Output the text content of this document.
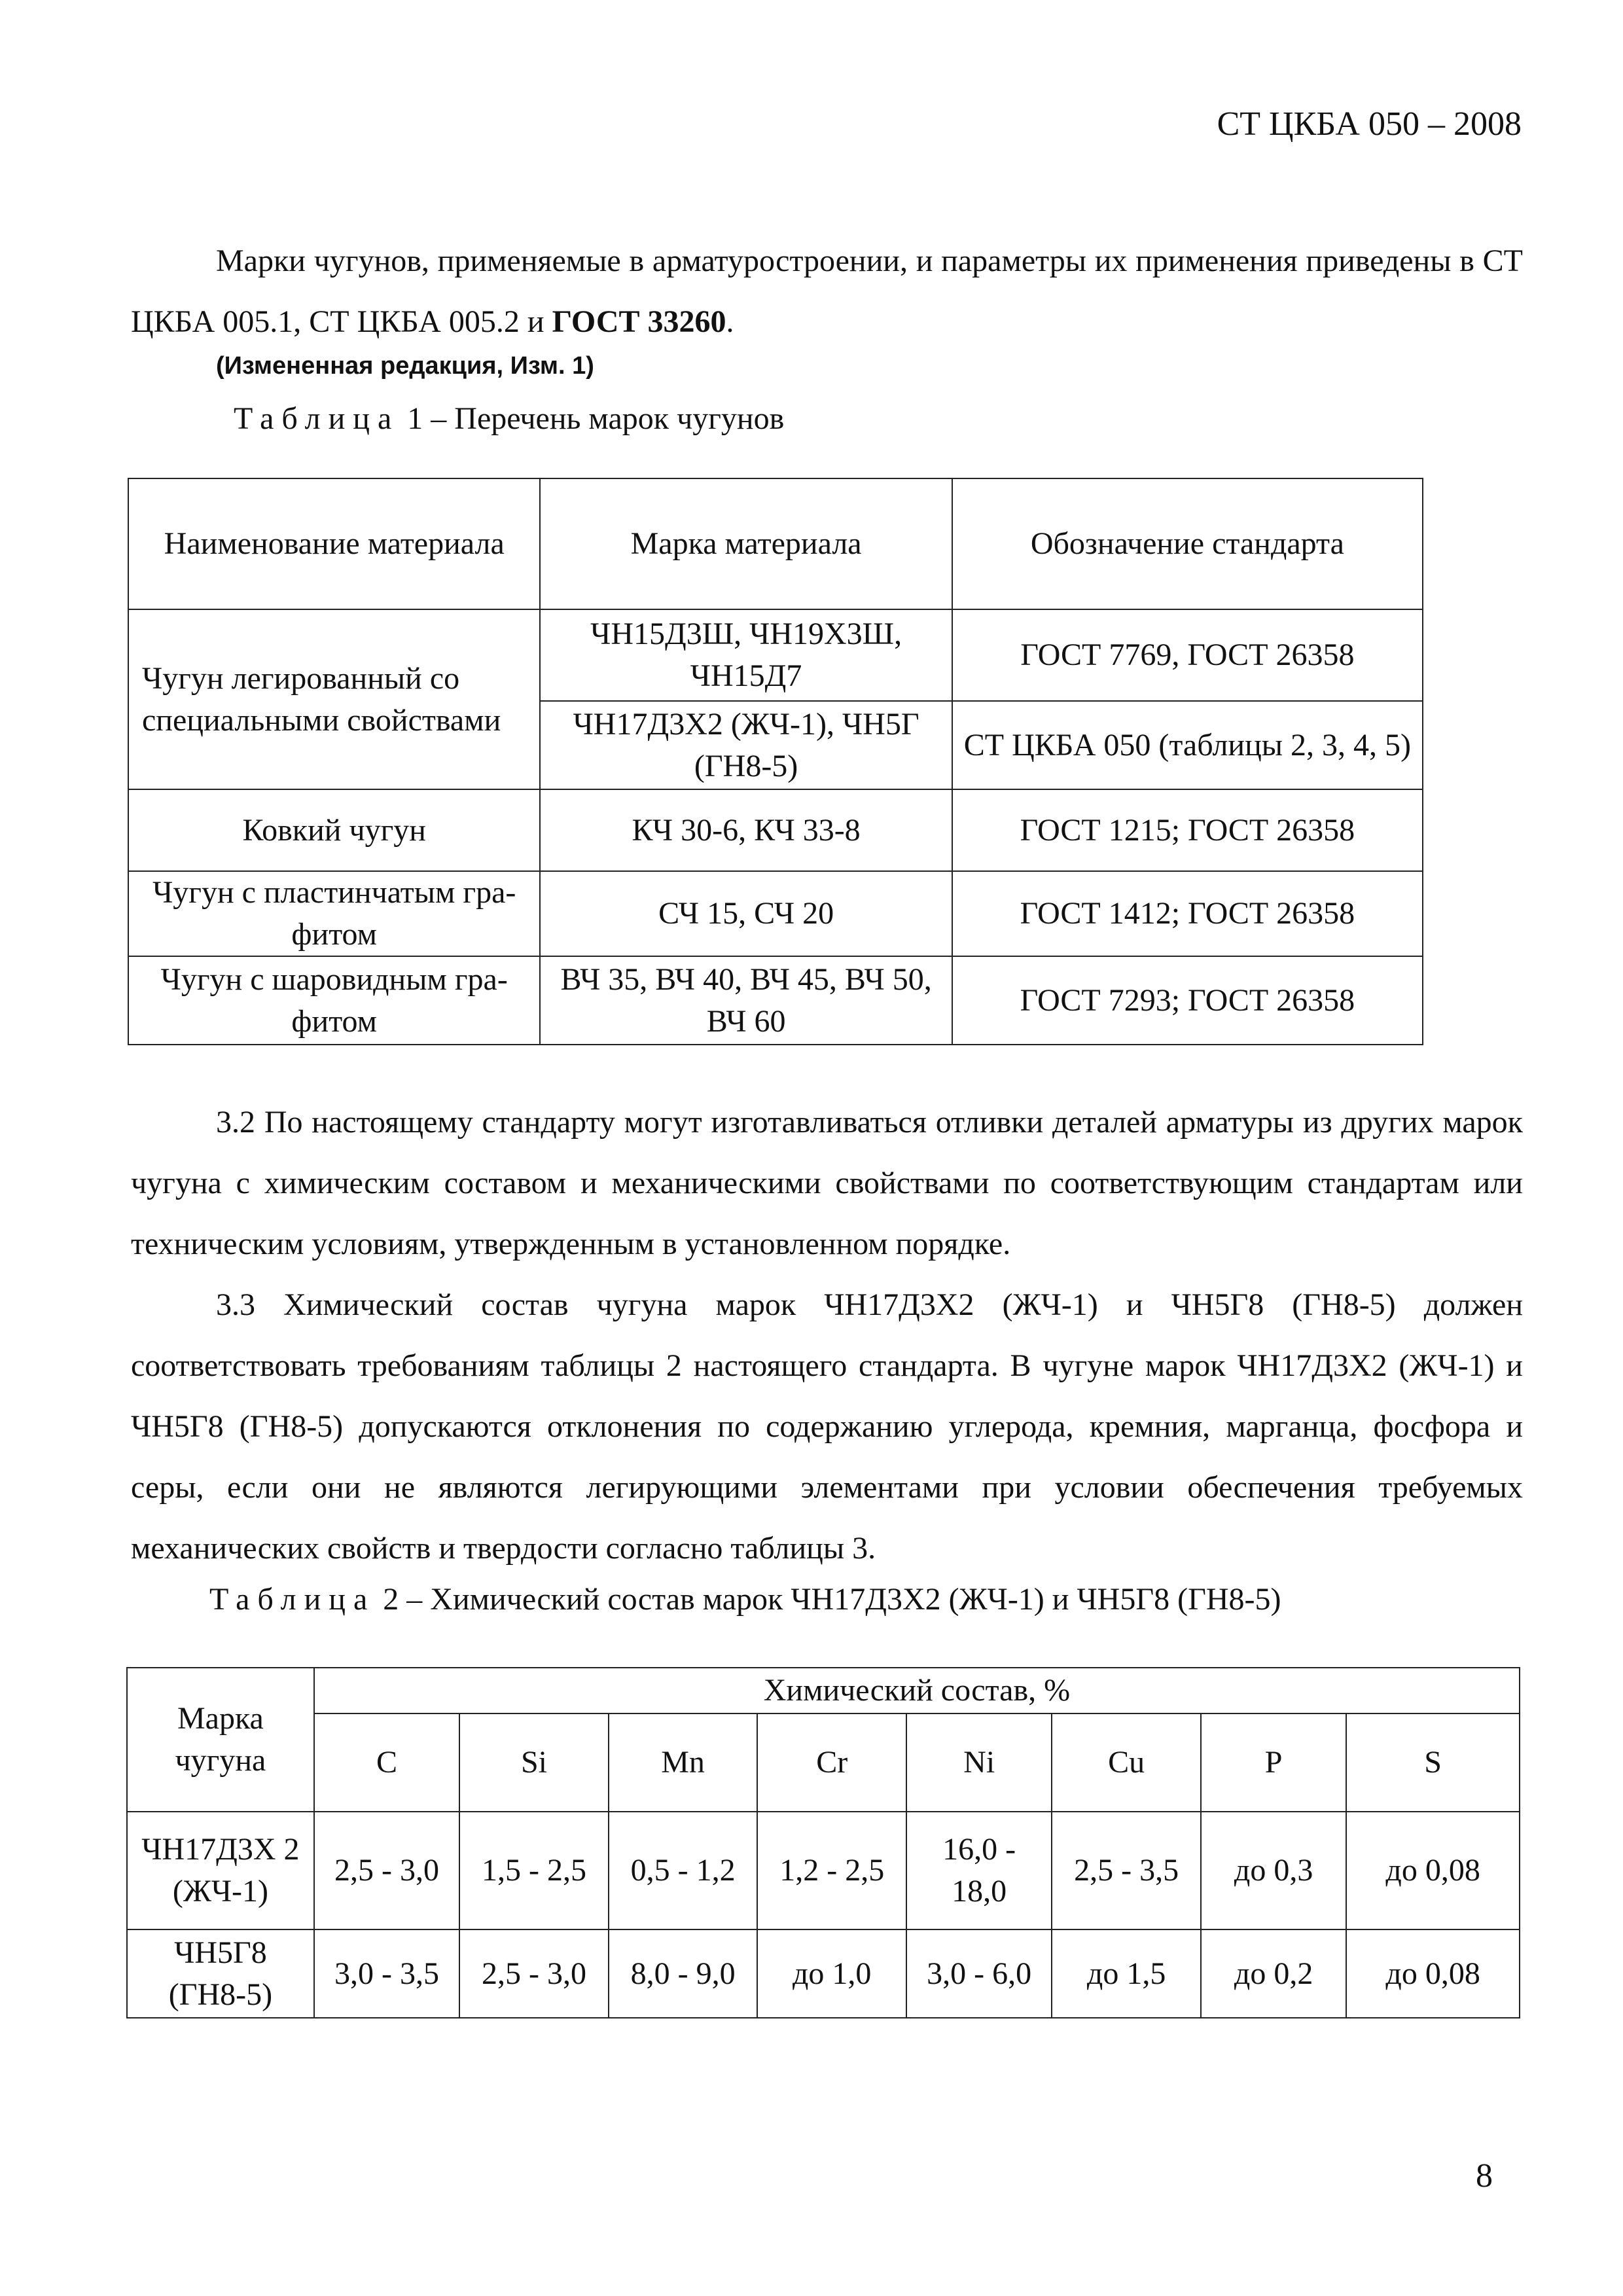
СТ ЦКБА 050 – 2008
Марки чугунов, применяемые в арматуростроении, и параметры их применения приведены в СТ ЦКБА 005.1, СТ ЦКБА 005.2 и ГОСТ 33260.
(Измененная редакция, Изм. 1)
Таблица 1 – Перечень марок чугунов
Наименование материала	Марка материала	Обозначение стандарта
Чугун легированный со специальными свойствами	ЧН15Д3Ш, ЧН19Х3Ш, ЧН15Д7	ГОСТ 7769, ГОСТ 26358
	ЧН17Д3Х2 (ЖЧ-1), ЧН5Г (ГН8-5)	СТ ЦКБА 050 (таблицы 2, 3, 4, 5)
Ковкий чугун	КЧ 30-6, КЧ 33-8	ГОСТ 1215; ГОСТ 26358
Чугун с пластинчатым гра-фитом	СЧ 15, СЧ 20	ГОСТ 1412; ГОСТ 26358
Чугун с шаровидным гра-фитом	ВЧ 35, ВЧ 40, ВЧ 45, ВЧ 50, ВЧ 60	ГОСТ 7293; ГОСТ 26358
3.2 По настоящему стандарту могут изготавливаться отливки деталей арматуры из других марок чугуна с химическим составом и механическими свойствами по соответствующим стандартам или техническим условиям, утвержденным в установленном порядке.
3.3 Химический состав чугуна марок ЧН17Д3Х2 (ЖЧ-1) и ЧН5Г8 (ГН8-5) должен соответствовать требованиям таблицы 2 настоящего стандарта. В чугуне марок ЧН17Д3Х2 (ЖЧ-1) и ЧН5Г8 (ГН8-5) допускаются отклонения по содержанию углерода, кремния, марганца, фосфора и серы, если они не являются легирующими элементами при условии обеспечения требуемых механических свойств и твердости согласно таблицы 3.
Таблица 2 – Химический состав марок ЧН17Д3Х2 (ЖЧ-1) и ЧН5Г8 (ГН8-5)
Марка чугуна	Химический состав, %							
	C	Si	Mn	Cr	Ni	Cu	P	S
ЧН17Д3Х 2 (ЖЧ-1)	2,5 - 3,0	1,5 - 2,5	0,5 - 1,2	1,2 - 2,5	16,0 - 18,0	2,5 - 3,5	до 0,3	до 0,08
ЧН5Г8 (ГН8-5)	3,0 - 3,5	2,5 - 3,0	8,0 - 9,0	до 1,0	3,0 - 6,0	до 1,5	до 0,2	до 0,08
8
